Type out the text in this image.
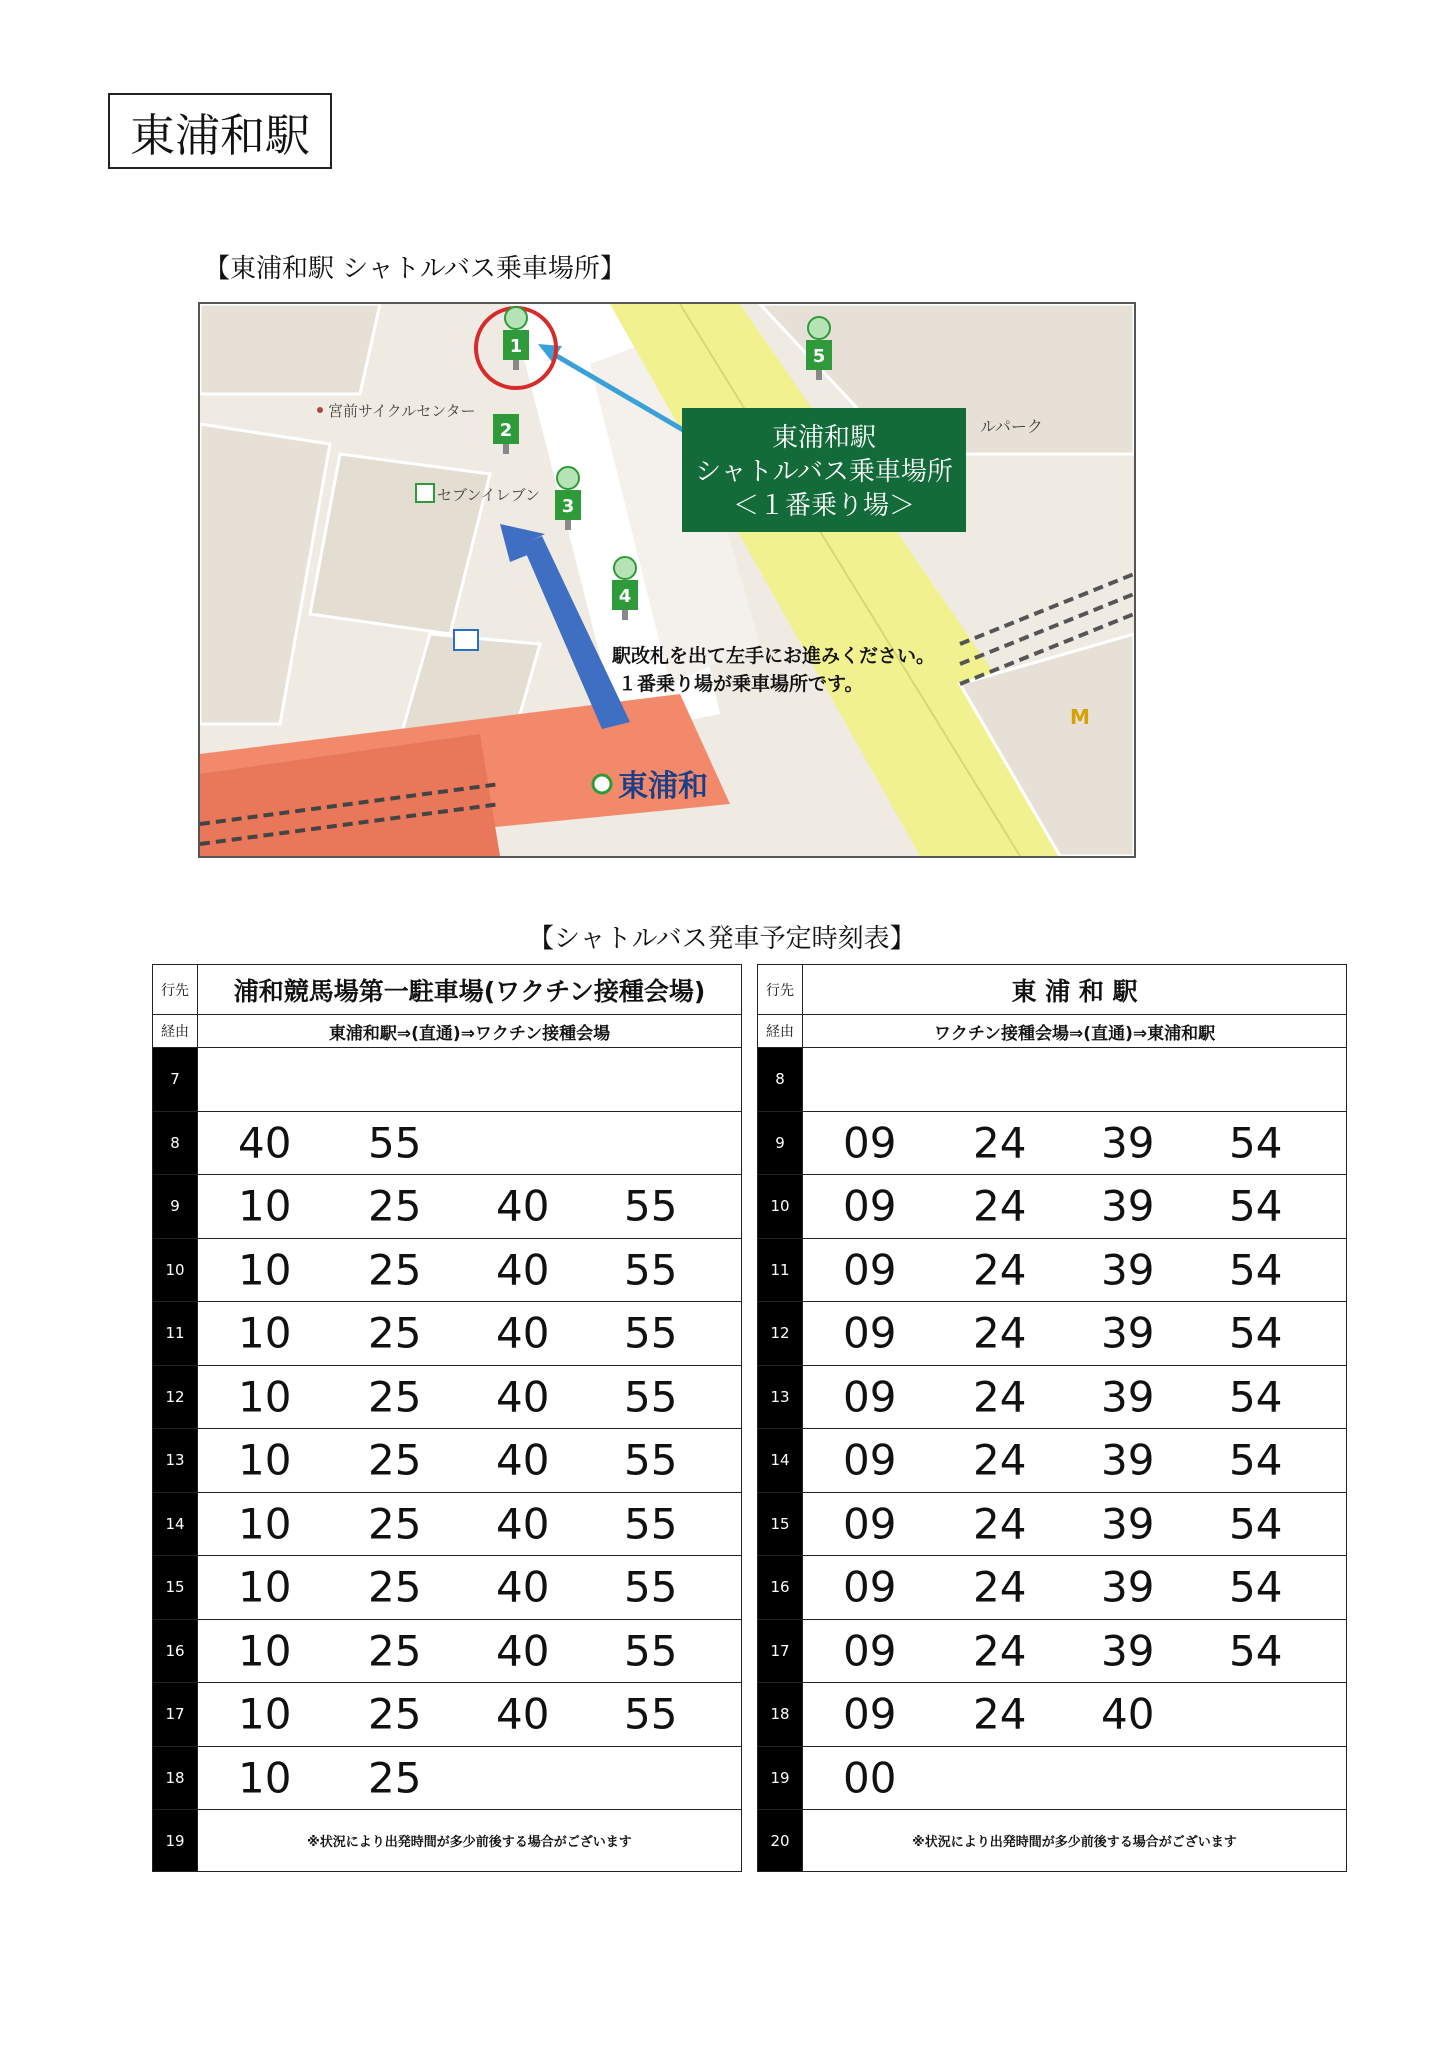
東浦和駅
【東浦和駅 シャトルバス乗車場所】
1
2
3
4
5
宮前サイクルセンター
セブンイレブン
ルパーク
M
東浦和駅
シャトルバス乗車場所
＜１番乗り場＞
駅改札を出て左手にお進みください。
１番乗り場が乗車場所です。
東浦和
【シャトルバス発車予定時刻表】
行先	浦和競馬場第一駐車場(ワクチン接種会場)
経由	東浦和駅⇒(直通)⇒ワクチン接種会場
7	
8	40 55

9	10 25 40 55

10	10 25 40 55

11	10 25 40 55

12	10 25 40 55

13	10 25 40 55

14	10 25 40 55

15	10 25 40 55

16	10 25 40 55

17	10 25 40 55

18	10 25

19	※状況により出発時間が多少前後する場合がございます
行先	東 浦 和 駅
経由	ワクチン接種会場⇒(直通)⇒東浦和駅
8	
9	09 24 39 54

10	09 24 39 54

11	09 24 39 54

12	09 24 39 54

13	09 24 39 54

14	09 24 39 54

15	09 24 39 54

16	09 24 39 54

17	09 24 39 54

18	09 24 40

19	00

20	※状況により出発時間が多少前後する場合がございます
